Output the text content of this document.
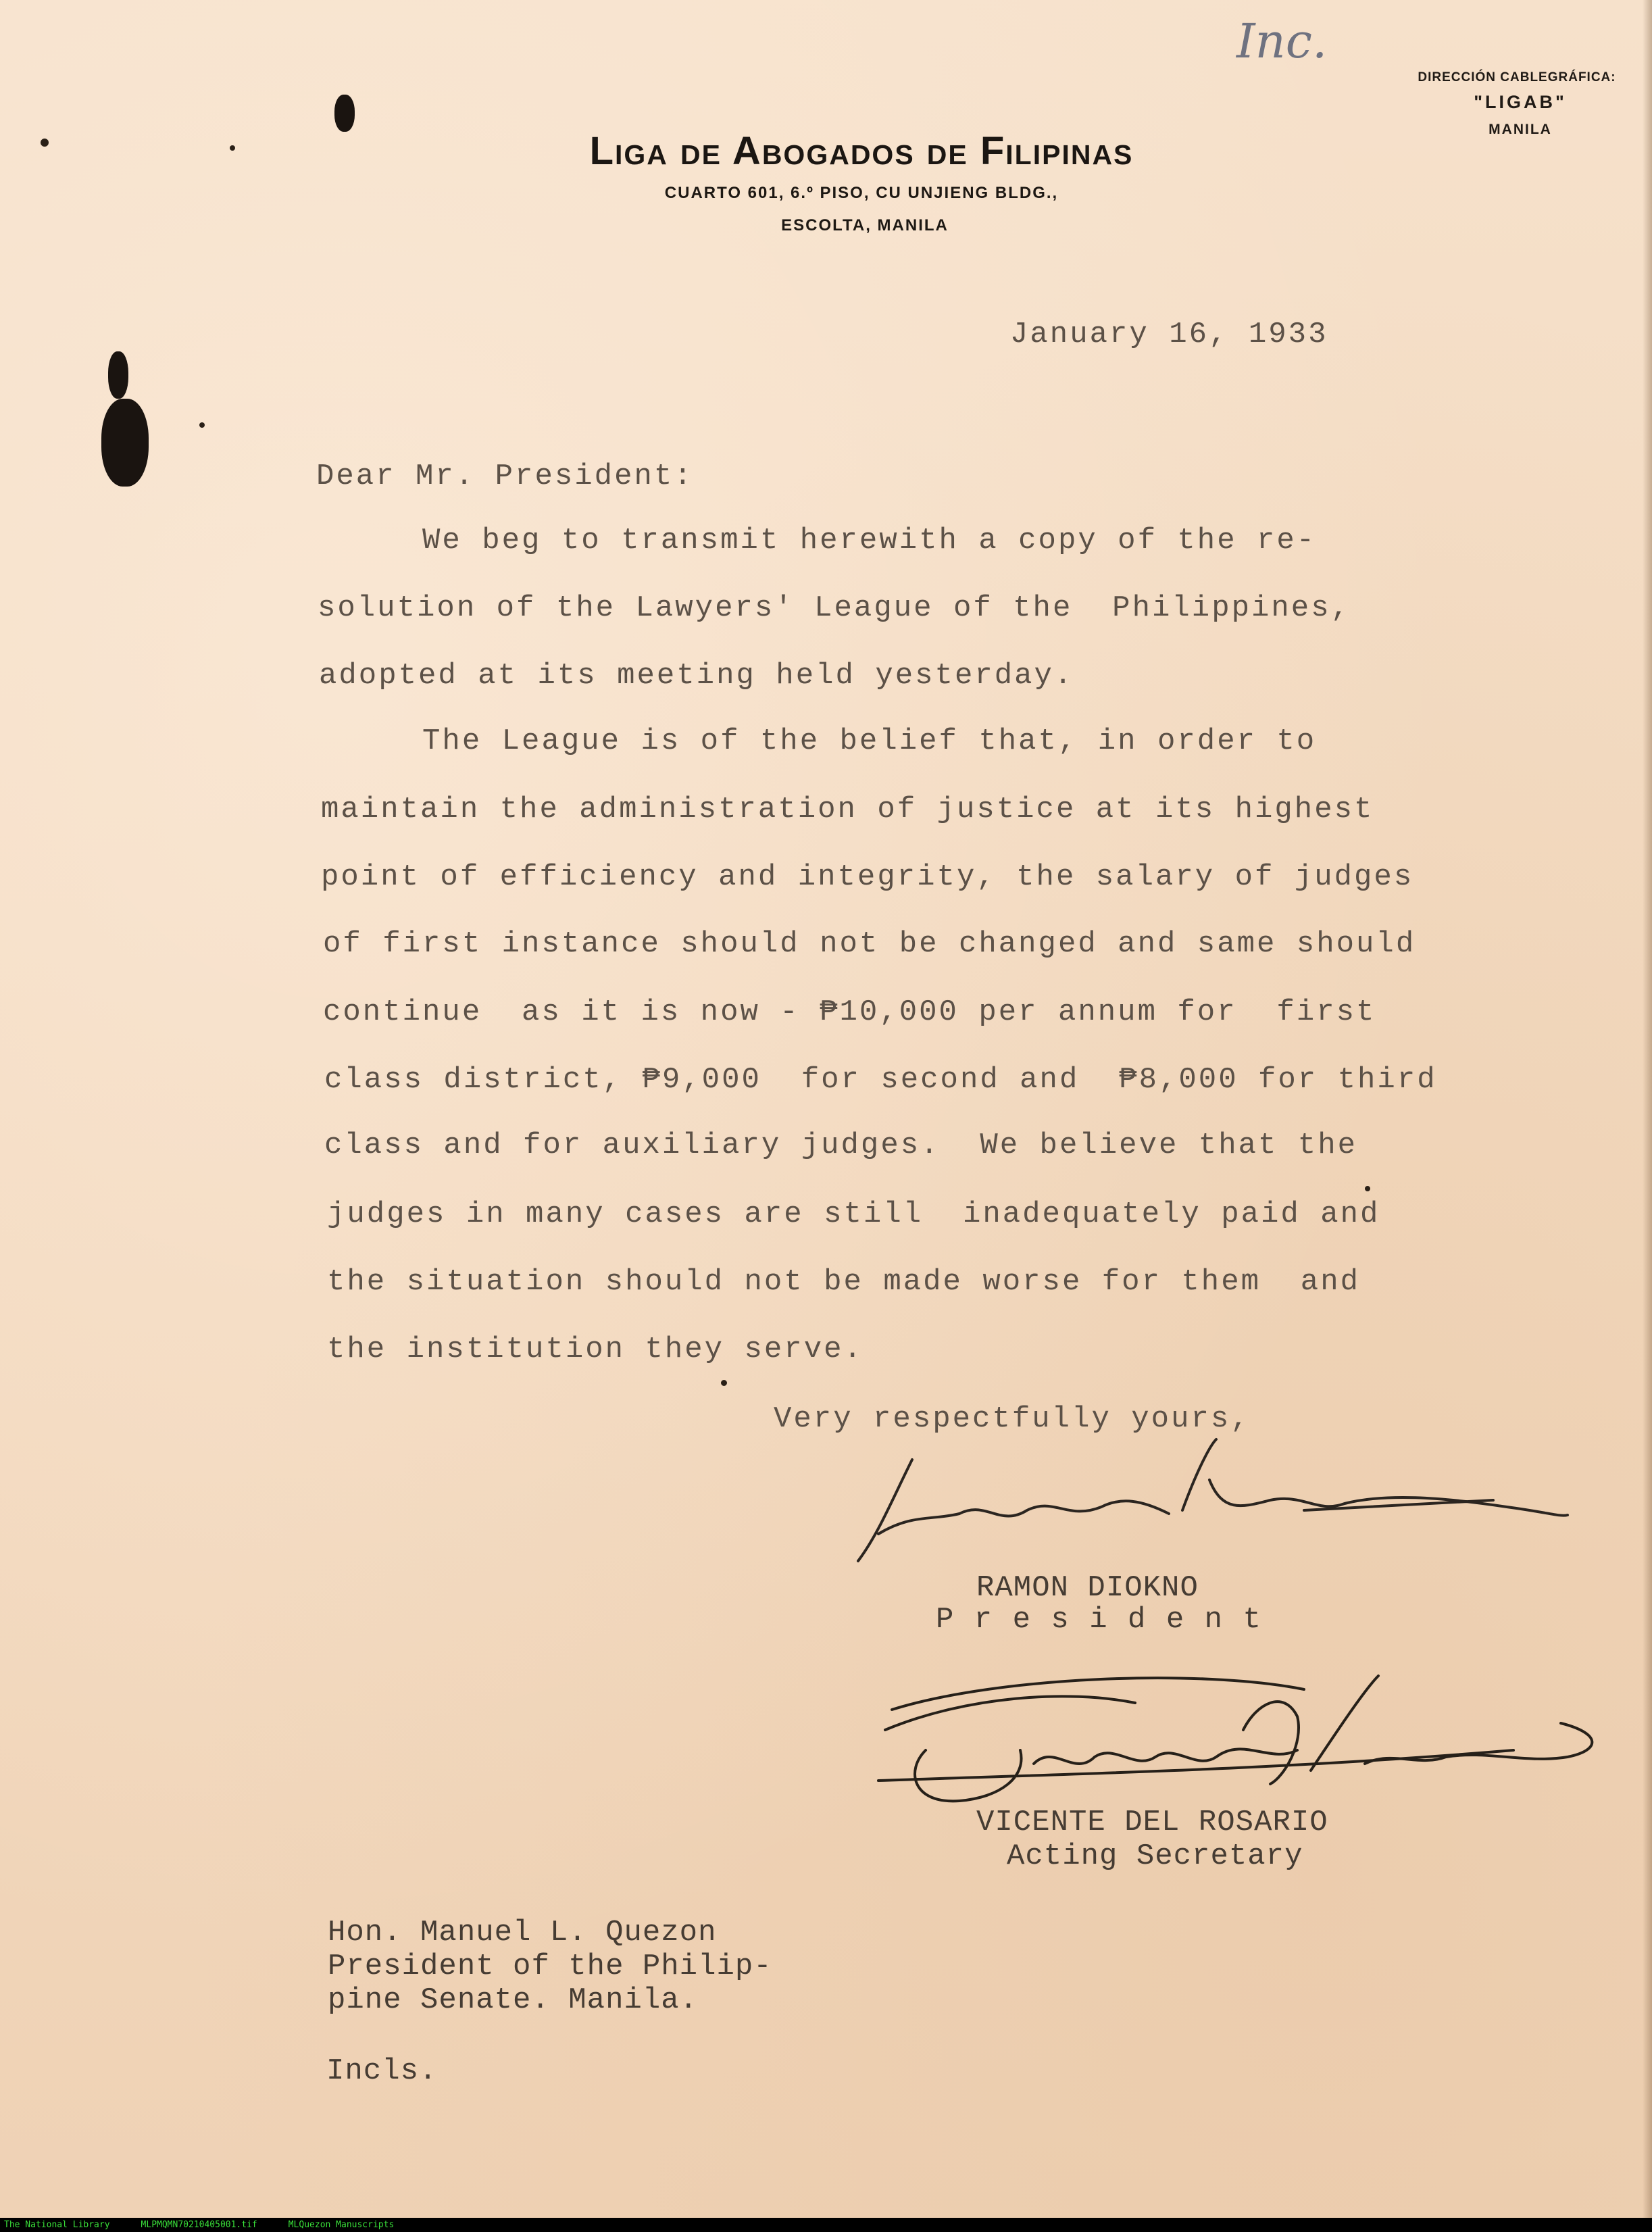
Inc.
Liga de Abogados de Filipinas
CUARTO 601, 6.º PISO, CU UNJIENG BLDG.,
ESCOLTA, MANILA
DIRECCIÓN CABLEGRÁFICA:
"LIGAB"
MANILA
January 16, 1933
Dear Mr. President:
We beg to transmit herewith a copy of the re-
solution of the Lawyers' League of the  Philippines,
adopted at its meeting held yesterday.
The League is of the belief that, in order to
maintain the administration of justice at its highest
point of efficiency and integrity, the salary of judges
of first instance should not be changed and same should
continue  as it is now - ₱10,000 per annum for  first
class district, ₱9,000  for second and  ₱8,000 for third
class and for auxiliary judges.  We believe that the
judges in many cases are still  inadequately paid and
the situation should not be made worse for them  and
the institution they serve.
Very respectfully yours,
RAMON DIOKNO
P r e s i d e n t
VICENTE DEL ROSARIO
Acting Secretary
Hon. Manuel L. Quezon
President of the Philip-
pine Senate. Manila.
Incls.
The National Library	MLPMQMN70210405001.tif	MLQuezon Manuscripts
